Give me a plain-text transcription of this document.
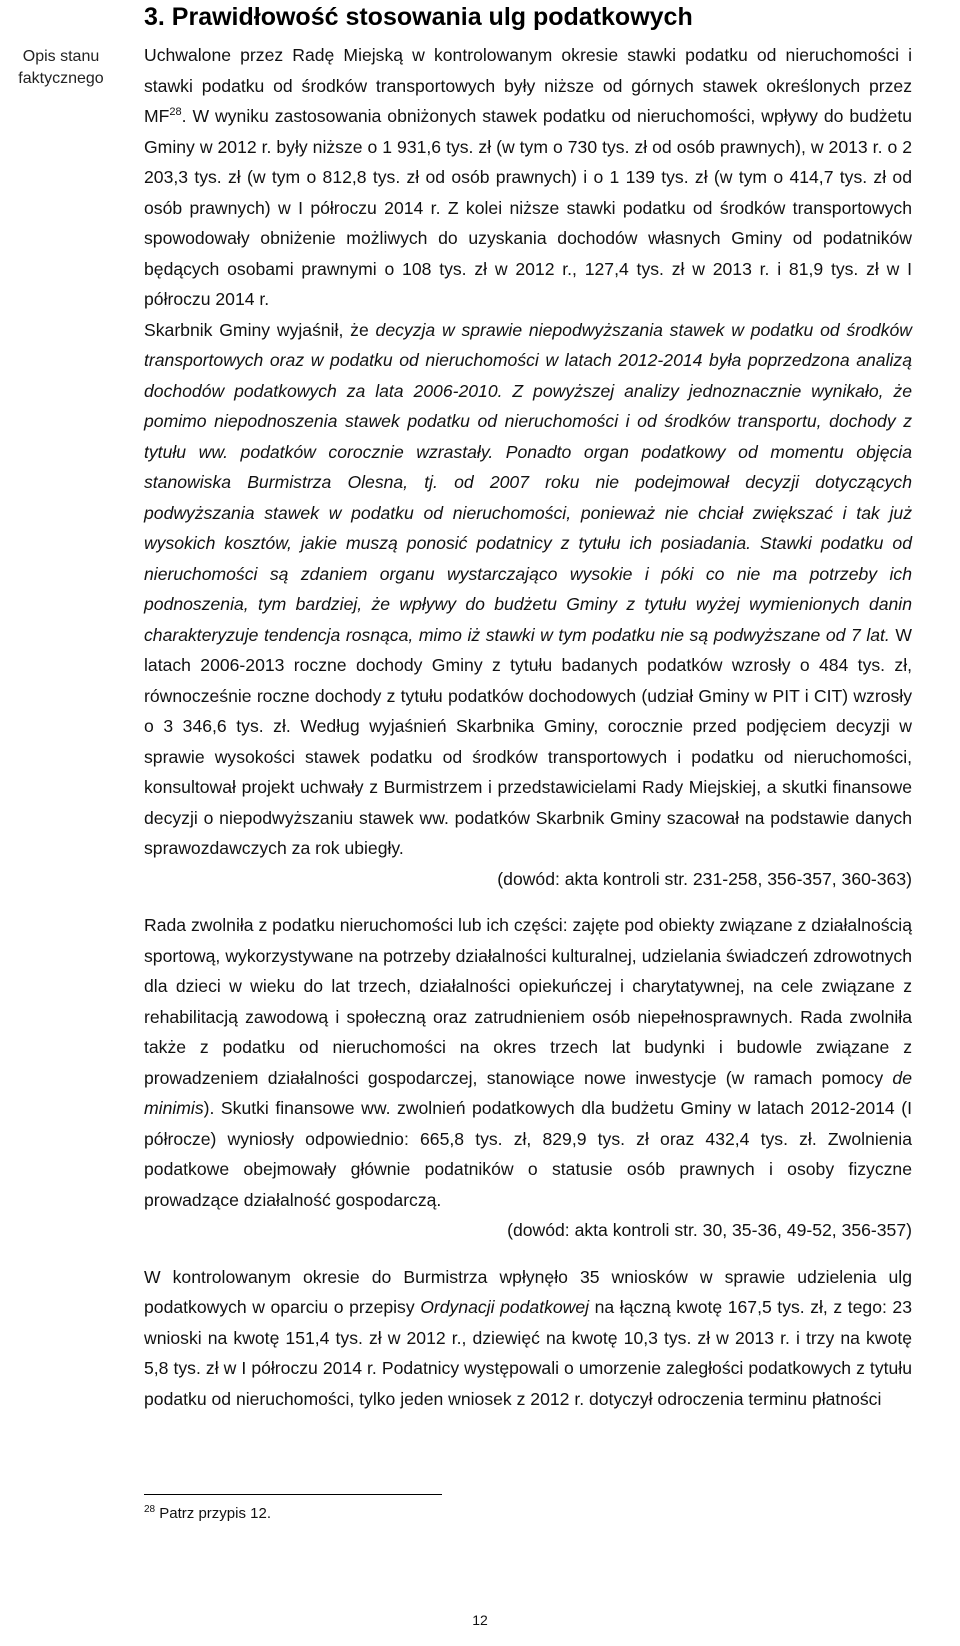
Opis stanu
faktycznego
3. Prawidłowość stosowania ulg podatkowych

Uchwalone przez Radę Miejską w kontrolowanym okresie stawki podatku od nieruchomości i stawki podatku od środków transportowych były niższe od górnych stawek określonych przez MF$^{28}$. W wyniku zastosowania obniżonych stawek podatku od nieruchomości, wpływy do budżetu Gminy w 2012 r. były niższe o 1 931,6 tys. zł (w tym o 730 tys. zł od osób prawnych), w 2013 r. o 2 203,3 tys. zł (w tym o 812,8 tys. zł od osób prawnych) i o 1 139 tys. zł (w tym o 414,7 tys. zł od osób prawnych) w I półroczu 2014 r. Z kolei niższe stawki podatku od środków transportowych spowodowały obniżenie możliwych do uzyskania dochodów własnych Gminy od podatników będących osobami prawnymi o 108 tys. zł w 2012 r., 127,4 tys. zł w 2013 r. i 81,9 tys. zł w I półroczu 2014 r.

Skarbnik Gminy wyjaśnił, że decyzja w sprawie niepodwyższania stawek w podatku od środków transportowych oraz w podatku od nieruchomości w latach 2012-2014 była poprzedzona analizą dochodów podatkowych za lata 2006-2010. Z powyższej analizy jednoznacznie wynikało, że pomimo niepodnoszenia stawek podatku od nieruchomości i od środków transportu, dochody z tytułu ww. podatków corocznie wzrastały. Ponadto organ podatkowy od momentu objęcia stanowiska Burmistrza Olesna, tj. od 2007 roku nie podejmował decyzji dotyczących podwyższania stawek w podatku od nieruchomości, ponieważ nie chciał zwiększać i tak już wysokich kosztów, jakie muszą ponosić podatnicy z tytułu ich posiadania. Stawki podatku od nieruchomości są zdaniem organu wystarczająco wysokie i póki co nie ma potrzeby ich podnoszenia, tym bardziej, że wpływy do budżetu Gminy z tytułu wyżej wymienionych danin charakteryzuje tendencja rosnąca, mimo iż stawki w tym podatku nie są podwyższane od 7 lat. W latach 2006-2013 roczne dochody Gminy z tytułu badanych podatków wzrosły o 484 tys. zł, równocześnie roczne dochody z tytułu podatków dochodowych (udział Gminy w PIT i CIT) wzrosły o 3 346,6 tys. zł. Według wyjaśnień Skarbnika Gminy, corocznie przed podjęciem decyzji w sprawie wysokości stawek podatku od środków transportowych i podatku od nieruchomości, konsultował projekt uchwały z Burmistrzem i przedstawicielami Rady Miejskiej, a skutki finansowe decyzji o niepodwyższaniu stawek ww. podatków Skarbnik Gminy szacował na podstawie danych sprawozdawczych za rok ubiegły.

(dowód: akta kontroli str. 231-258, 356-357, 360-363)

Rada zwolniła z podatku nieruchomości lub ich części: zajęte pod obiekty związane z działalnością sportową, wykorzystywane na potrzeby działalności kulturalnej, udzielania świadczeń zdrowotnych dla dzieci w wieku do lat trzech, działalności opiekuńczej i charytatywnej, na cele związane z rehabilitacją zawodową i społeczną oraz zatrudnieniem osób niepełnosprawnych. Rada zwolniła także z podatku od nieruchomości na okres trzech lat budynki i budowle związane z prowadzeniem działalności gospodarczej, stanowiące nowe inwestycje (w ramach pomocy de minimis). Skutki finansowe ww. zwolnień podatkowych dla budżetu Gminy w latach 2012-2014 (I półrocze) wyniosły odpowiednio: 665,8 tys. zł, 829,9 tys. zł oraz 432,4 tys. zł. Zwolnienia podatkowe obejmowały głównie podatników o statusie osób prawnych i osoby fizyczne prowadzące działalność gospodarczą.

(dowód: akta kontroli str. 30, 35-36, 49-52, 356-357)

W kontrolowanym okresie do Burmistrza wpłynęło 35 wniosków w sprawie udzielenia ulg podatkowych w oparciu o przepisy Ordynacji podatkowej na łączną kwotę 167,5 tys. zł, z tego: 23 wnioski na kwotę 151,4 tys. zł w 2012 r., dziewięć na kwotę 10,3 tys. zł w 2013 r. i trzy na kwotę 5,8 tys. zł w I półroczu 2014 r. Podatnicy występowali o umorzenie zaległości podatkowych z tytułu podatku od nieruchomości, tylko jeden wniosek z 2012 r. dotyczył odroczenia terminu płatności

$^{28}$ Patrz przypis 12.
12
